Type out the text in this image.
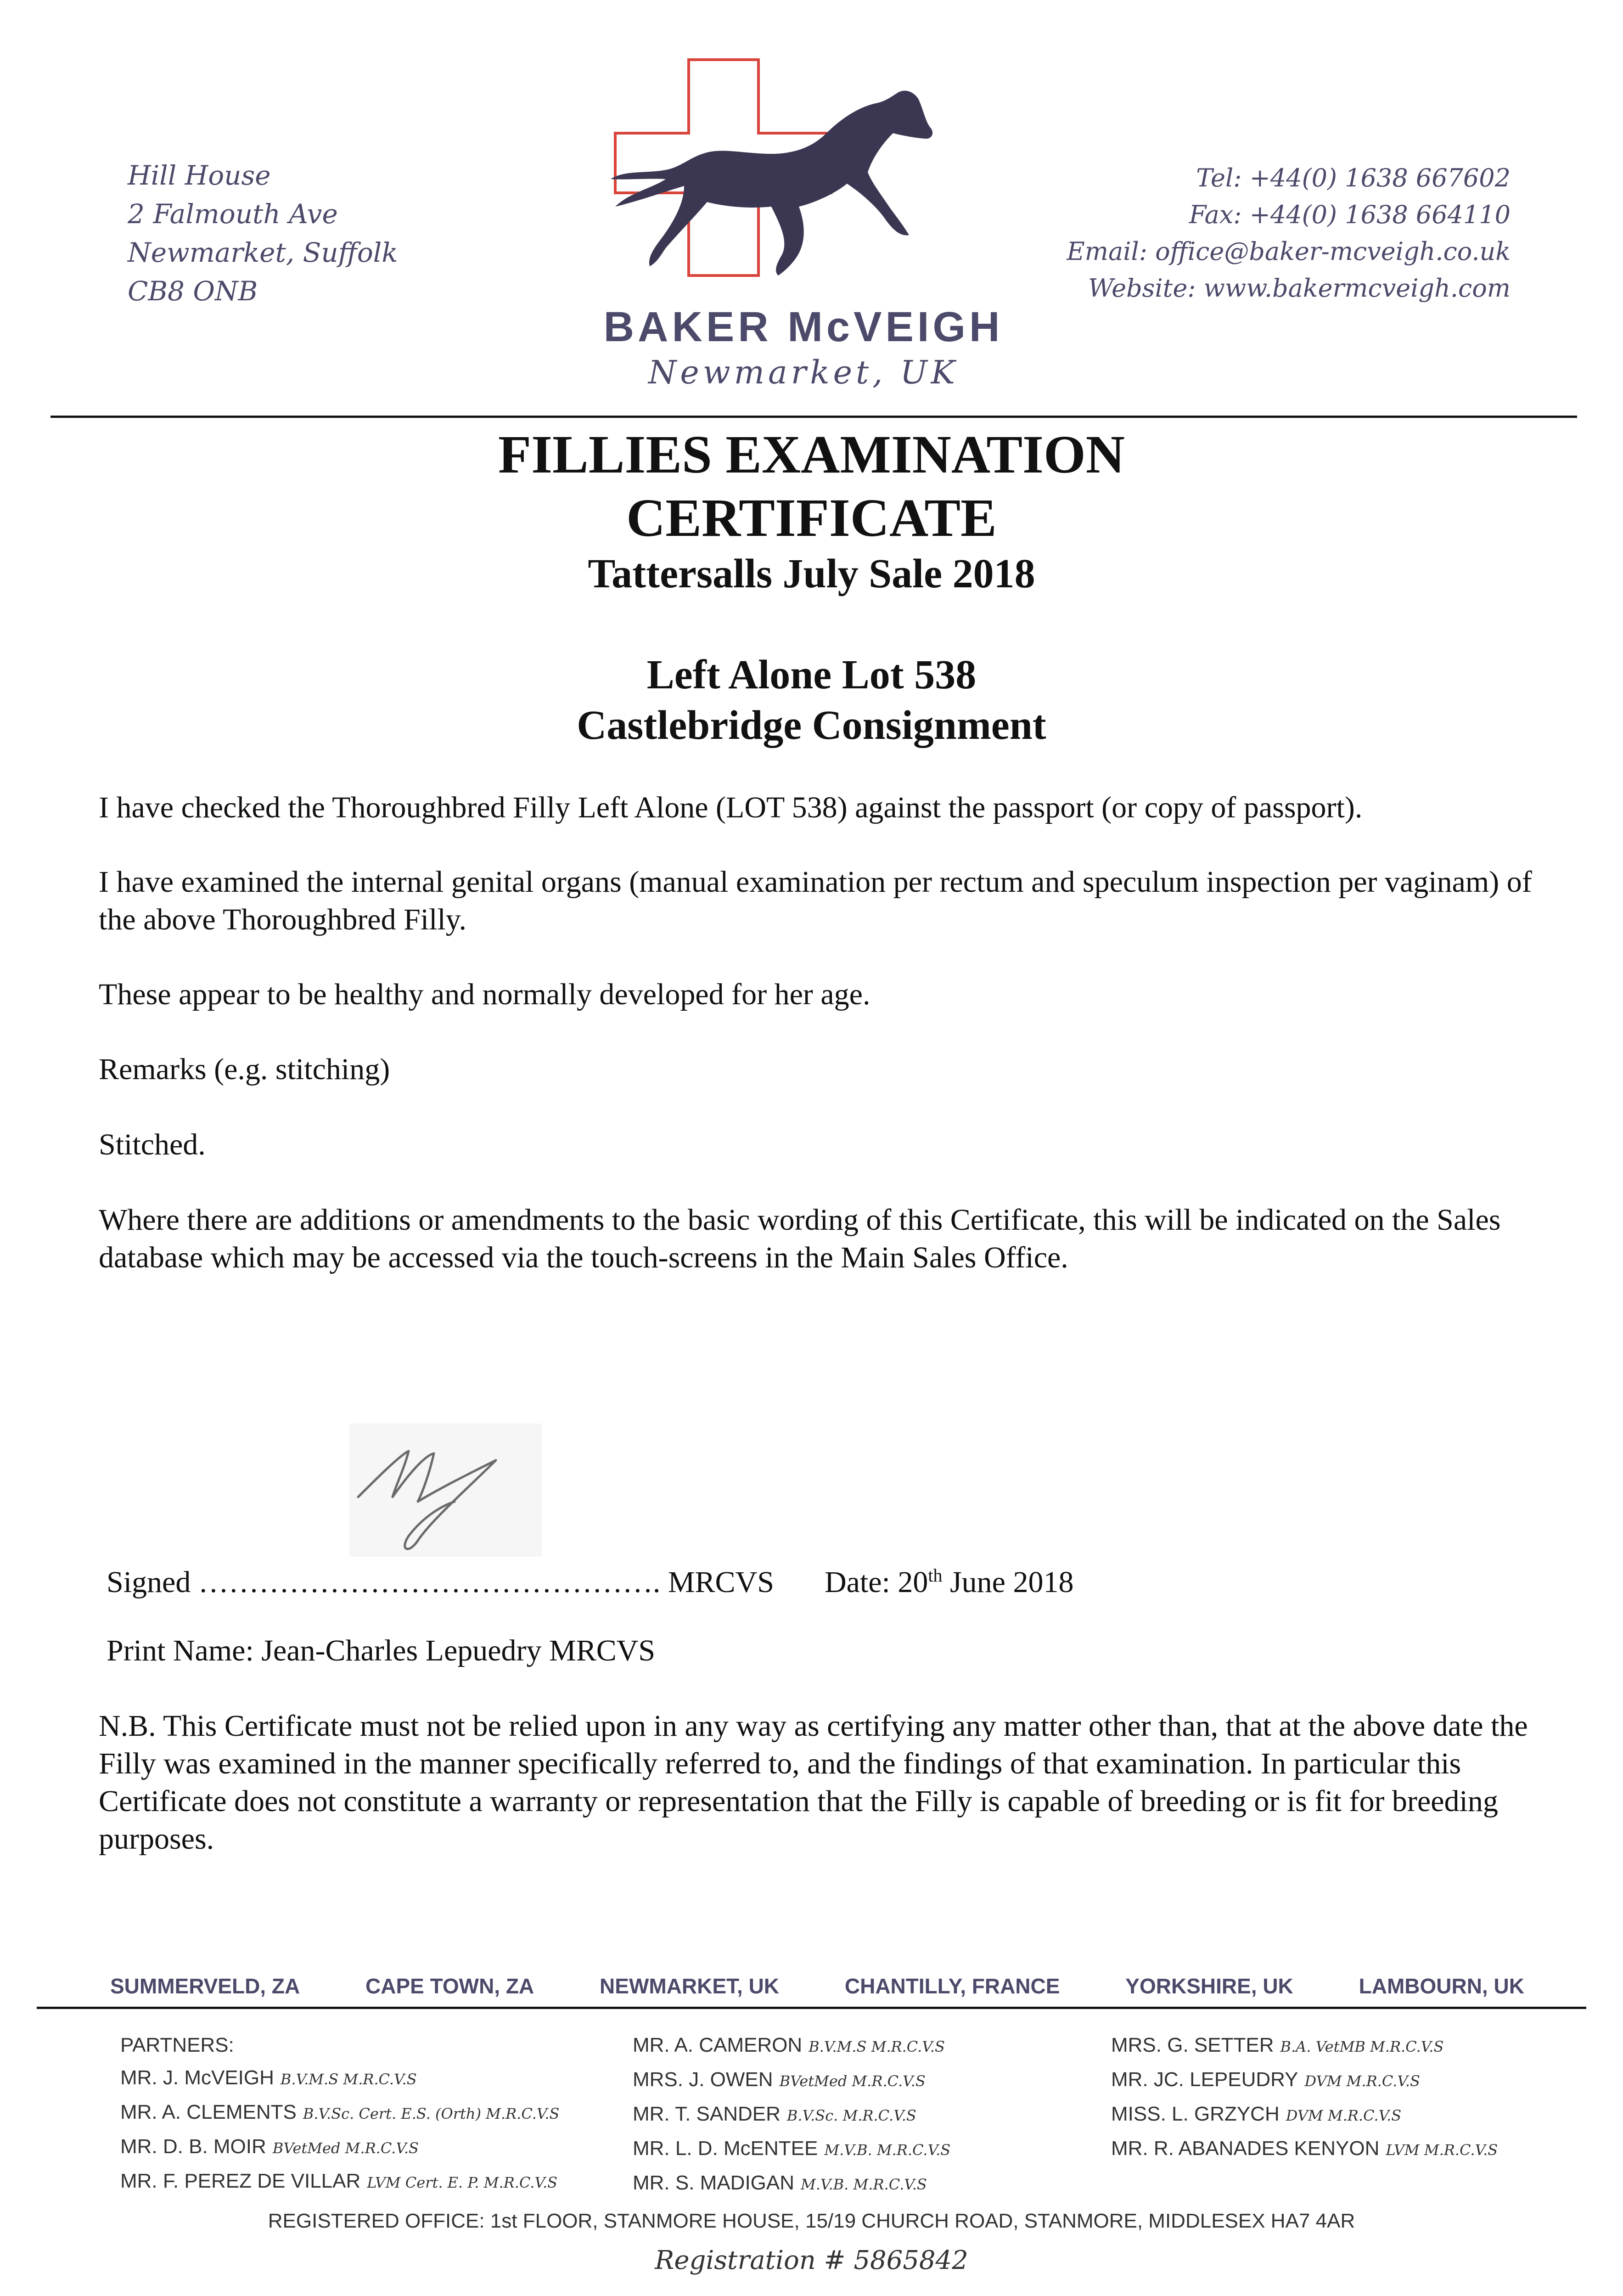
Hill House
2 Falmouth Ave
Newmarket, Suffolk
CB8 ONB
BAKER McVEIGH
Newmarket, UK
Tel: +44(0) 1638 667602
Fax: +44(0) 1638 664110
Email: office@baker-mcveigh.co.uk
Website: www.bakermcveigh.com
FILLIES EXAMINATION
CERTIFICATE
Tattersalls July Sale 2018
Left Alone Lot 538
Castlebridge Consignment
I have checked the Thoroughbred Filly Left Alone (LOT 538) against the passport (or copy of passport).
I have examined the internal genital organs (manual examination per rectum and speculum inspection per vaginam) of the above Thoroughbred Filly.
These appear to be healthy and normally developed for her age.
Remarks (e.g. stitching)
Stitched.
Where there are additions or amendments to the basic wording of this Certificate, this will be indicated on the Sales database which may be accessed via the touch-screens in the Main Sales Office.
Signed ………………………………………. MRCVS Date: 20th June 2018
Print Name: Jean-Charles Lepuedry MRCVS
N.B. This Certificate must not be relied upon in any way as certifying any matter other than, that at the above date the Filly was examined in the manner specifically referred to, and the findings of that examination. In particular this Certificate does not constitute a warranty or representation that the Filly is capable of breeding or is fit for breeding purposes.
SUMMERVELD, ZA	CAPE TOWN, ZA	NEWMARKET, UK	CHANTILLY, FRANCE	YORKSHIRE, UK	LAMBOURN, UK
PARTNERS:
MR. J. McVEIGH B.V.M.S M.R.C.V.S
MR. A. CLEMENTS B.V.Sc. Cert. E.S. (Orth) M.R.C.V.S
MR. D. B. MOIR BVetMed M.R.C.V.S
MR. F. PEREZ DE VILLAR LVM Cert. E. P. M.R.C.V.S
MR. A. CAMERON B.V.M.S M.R.C.V.S
MRS. J. OWEN BVetMed M.R.C.V.S
MR. T. SANDER B.V.Sc. M.R.C.V.S
MR. L. D. McENTEE M.V.B. M.R.C.V.S
MR. S. MADIGAN M.V.B. M.R.C.V.S
MRS. G. SETTER B.A. VetMB M.R.C.V.S
MR. JC. LEPEUDRY DVM M.R.C.V.S
MISS. L. GRZYCH DVM M.R.C.V.S
MR. R. ABANADES KENYON LVM M.R.C.V.S
REGISTERED OFFICE: 1st FLOOR, STANMORE HOUSE, 15/19 CHURCH ROAD, STANMORE, MIDDLESEX HA7 4AR
Registration # 5865842
